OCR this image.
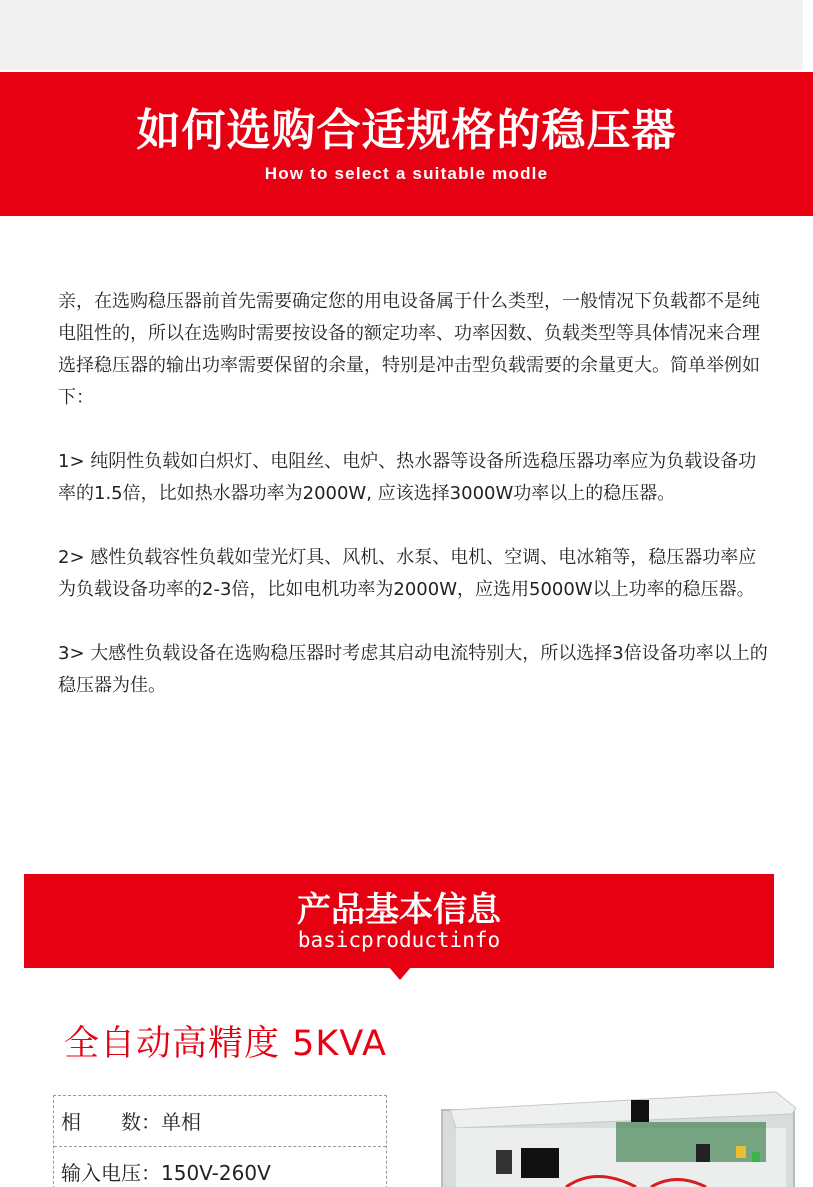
如何选购合适规格的稳压器
How to select a suitable modle

亲，在选购稳压器前首先需要确定您的用电设备属于什么类型，一般情况下负载都不是纯电阻性的，所以在选购时需要按设备的额定功率、功率因数、负载类型等具体情况来合理选择稳压器的输出功率需要保留的余量，特别是冲击型负载需要的余量更大。简单举例如下：

1> 纯阴性负载如白炽灯、电阻丝、电炉、热水器等设备所选稳压器功率应为负载设备功率的1.5倍，比如热水器功率为2000W, 应该选择3000W功率以上的稳压器。

2> 感性负载容性负载如莹光灯具、风机、水泵、电机、空调、电冰箱等，稳压器功率应为负载设备功率的2-3倍，比如电机功率为2000W，应选用5000W以上功率的稳压器。

3> 大感性负载设备在选购稳压器时考虑其启动电流特别大，所以选择3倍设备功率以上的稳压器为佳。

产品基本信息
basicproductinfo
全自动高精度 5KVA
相　　数：单相
输入电压：150V-260V
